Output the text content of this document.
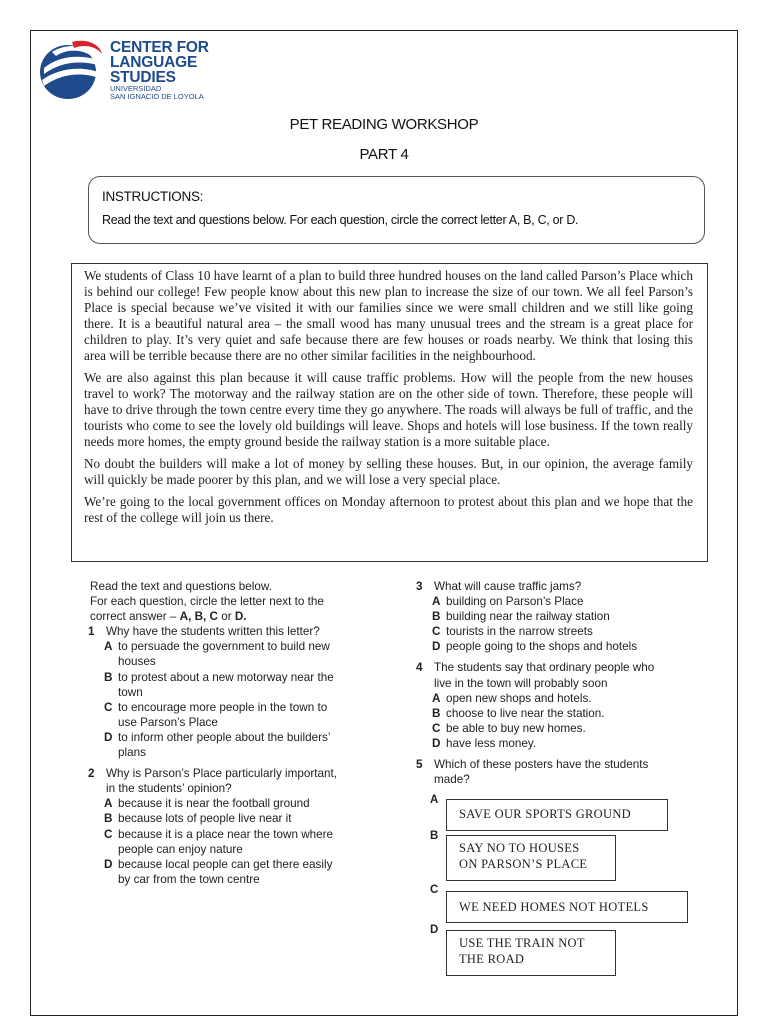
CENTER FOR
LANGUAGE
STUDIES
UNIVERSIDAD
SAN IGNACIO DE LOYOLA
PET READING WORKSHOP
PART 4
INSTRUCTIONS:
Read the text and questions below. For each question, circle the correct letter A, B, C, or D.

We students of Class 10 have learnt of a plan to build three hundred houses on the land called Parson’s Place which is behind our college! Few people know about this new plan to increase the size of our town. We all feel Parson’s Place is special because we’ve visited it with our families since we were small children and we still like going there. It is a beautiful natural area – the small wood has many unusual trees and the stream is a great place for children to play. It’s very quiet and safe because there are few houses or roads nearby. We think that losing this area will be terrible because there are no other similar facilities in the neighbourhood.

We are also against this plan because it will cause traffic problems. How will the people from the new houses travel to work? The motorway and the railway station are on the other side of town. Therefore, these people will have to drive through the town centre every time they go anywhere. The roads will always be full of traffic, and the tourists who come to see the lovely old buildings will leave. Shops and hotels will lose business. If the town really needs more homes, the empty ground beside the railway station is a more suitable place.

No doubt the builders will make a lot of money by selling these houses. But, in our opinion, the average family will quickly be made poorer by this plan, and we will lose a very special place.

We’re going to the local government offices on Monday afternoon to protest about this plan and we hope that the rest of the college will join us there.

Read the text and questions below.
For each question, circle the letter next to the
correct answer – A, B, C or D.
1 Why have the students written this letter?
A to persuade the government to build new
houses
B to protest about a new motorway near the
town
C to encourage more people in the town to
use Parson’s Place
D to inform other people about the builders’
plans
2 Why is Parson’s Place particularly important,
in the students’ opinion?
A because it is near the football ground
B because lots of people live near it
C because it is a place near the town where
people can enjoy nature
D because local people can get there easily
by car from the town centre
3 What will cause traffic jams?
A building on Parson’s Place
B building near the railway station
C tourists in the narrow streets
D people going to the shops and hotels
4 The students say that ordinary people who
live in the town will probably soon
A open new shops and hotels.
B choose to live near the station.
C be able to buy new homes.
D have less money.
5 Which of these posters have the students
made?
A
SAVE OUR SPORTS GROUND
B
SAY NO TO HOUSES
ON PARSON’S PLACE
C
WE NEED HOMES NOT HOTELS
D
USE THE TRAIN NOT
THE ROAD
